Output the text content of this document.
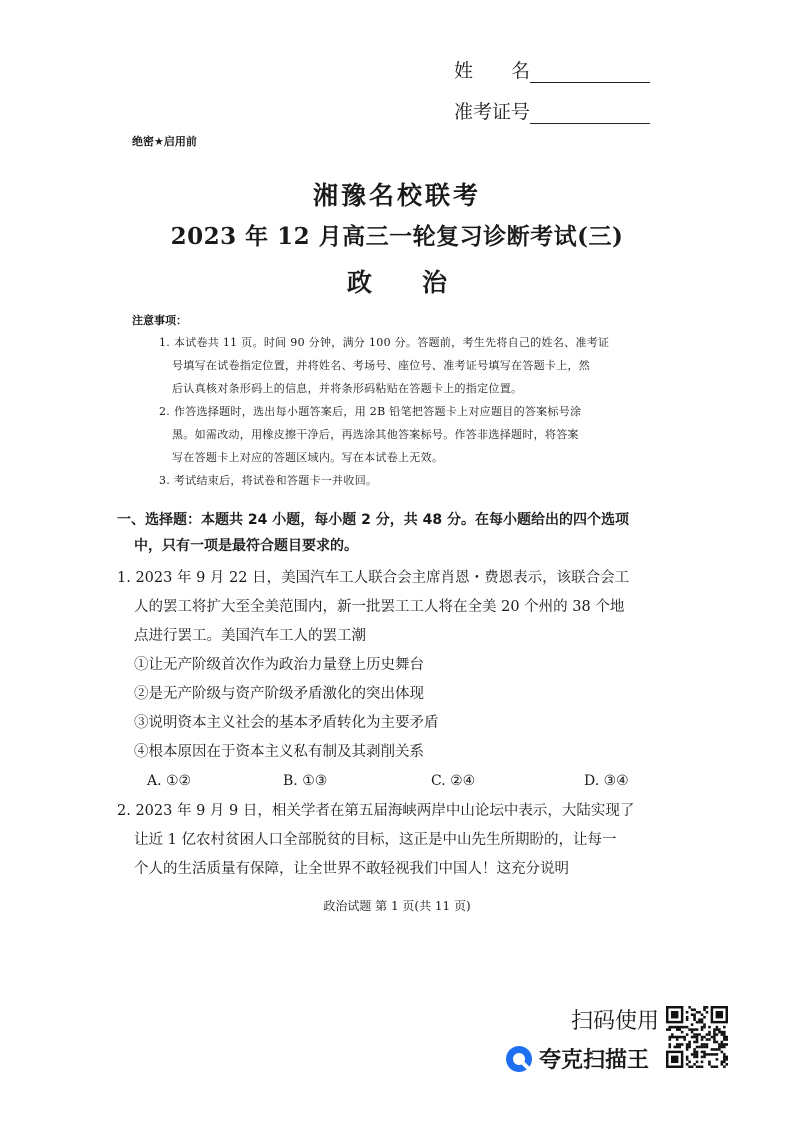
姓　　名
准考证号
绝密★启用前
湘豫名校联考
2023 年 12 月高三一轮复习诊断考试(三)
政　　治
注意事项：
1. 本试卷共 11 页。时间 90 分钟，满分 100 分。答题前，考生先将自己的姓名、准考证
号填写在试卷指定位置，并将姓名、考场号、座位号、准考证号填写在答题卡上，然
后认真核对条形码上的信息，并将条形码粘贴在答题卡上的指定位置。
2. 作答选择题时，选出每小题答案后，用 2B 铅笔把答题卡上对应题目的答案标号涂
黑。如需改动，用橡皮擦干净后，再选涂其他答案标号。作答非选择题时，将答案
写在答题卡上对应的答题区域内。写在本试卷上无效。
3. 考试结束后，将试卷和答题卡一并收回。
一、选择题：本题共 24 小题，每小题 2 分，共 48 分。在每小题给出的四个选项
中，只有一项是最符合题目要求的。
1. 2023 年 9 月 22 日，美国汽车工人联合会主席肖恩・费恩表示，该联合会工
人的罢工将扩大至全美范围内，新一批罢工工人将在全美 20 个州的 38 个地
点进行罢工。美国汽车工人的罢工潮
①让无产阶级首次作为政治力量登上历史舞台
②是无产阶级与资产阶级矛盾激化的突出体现
③说明资本主义社会的基本矛盾转化为主要矛盾
④根本原因在于资本主义私有制及其剥削关系
A. ①②	B. ①③	C. ②④	D. ③④
2. 2023 年 9 月 9 日，相关学者在第五届海峡两岸中山论坛中表示，大陆实现了
让近 1 亿农村贫困人口全部脱贫的目标，这正是中山先生所期盼的，让每一
个人的生活质量有保障，让全世界不敢轻视我们中国人！这充分说明
政治试题 第 1 页(共 11 页)
扫码使用
夸克扫描王
